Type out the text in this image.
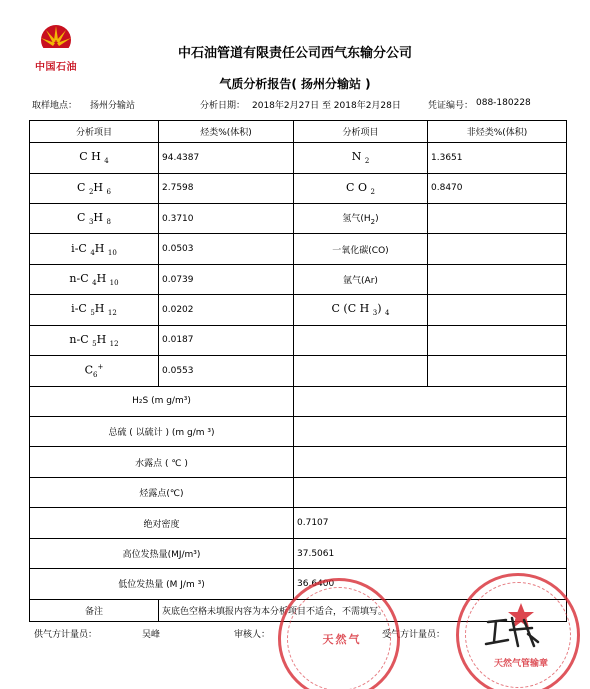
中国石油
中石油管道有限责任公司西气东输分公司
气质分析报告( 扬州分输站 )
取样地点： 扬州分输站	分析日期： 2018年2月27日 至 2018年2月28日	凭证编号： 088-180228
分析项目	烃类%(体积)	分析项目	非烃类%(体积)
C H $_4$	94.4387	N $_2$	1.3651
C $_2$H $_6$	2.7598	C O $_2$	0.8470
C $_3$H $_8$	0.3710	氢气$(H_2)$	
i-C $_4$H $_{10}$	0.0503	一氧化碳(CO)	
n-C $_4$H $_{10}$	0.0739	氩气(Ar)	
i-C $_5$H $_{12}$	0.0202	C (C H $_3$) $_4$	
n-C $_5$H $_{12}$	0.0187		
$C_6^+$	0.0553		
H₂S (m g/m³)			
总硫 ( 以硫计 ) (m g/m ³)			
水露点 ( ℃ )			
烃露点(℃)			
绝对密度		0.7107	
高位发热量(MJ/m³)		37.5061	
低位发热量 (M J/m ³)		36.6400	
备注	灰底色空格未填报内容为本分析项目不适合，不需填写。		
供气方计量员：	吴峰	审核人：	受气方计量员：
天然气
天然气管输章
